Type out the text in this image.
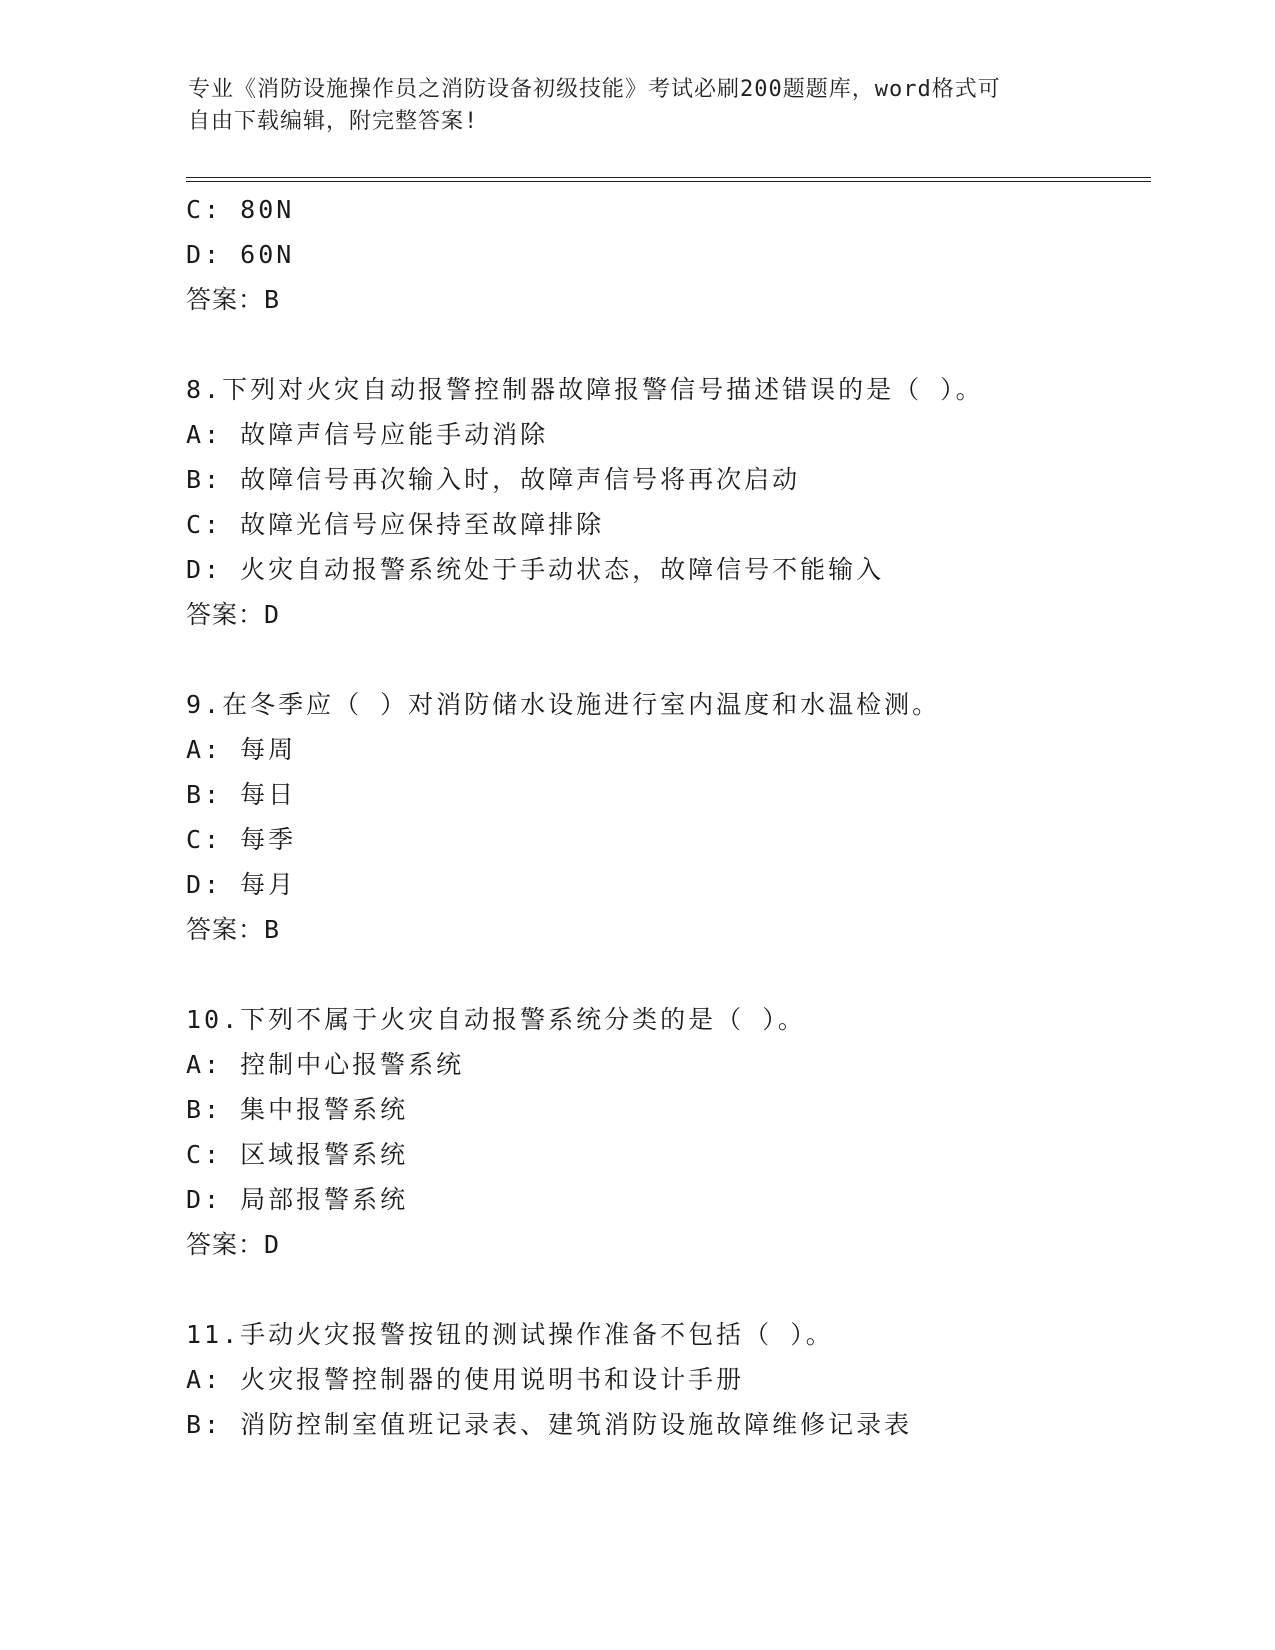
专业《消防设施操作员之消防设备初级技能》考试必刷200题题库，word格式可
自由下载编辑，附完整答案!
C: 80N
D: 60N
答案：B
8.下列对火灾自动报警控制器故障报警信号描述错误的是（ ）。
A: 故障声信号应能手动消除
B: 故障信号再次输入时，故障声信号将再次启动
C: 故障光信号应保持至故障排除
D: 火灾自动报警系统处于手动状态，故障信号不能输入
答案：D
9.在冬季应（ ）对消防储水设施进行室内温度和水温检测。
A: 每周
B: 每日
C: 每季
D: 每月
答案：B
10.下列不属于火灾自动报警系统分类的是（ ）。
A: 控制中心报警系统
B: 集中报警系统
C: 区域报警系统
D: 局部报警系统
答案：D
11.手动火灾报警按钮的测试操作准备不包括（ ）。
A: 火灾报警控制器的使用说明书和设计手册
B: 消防控制室值班记录表、建筑消防设施故障维修记录表
